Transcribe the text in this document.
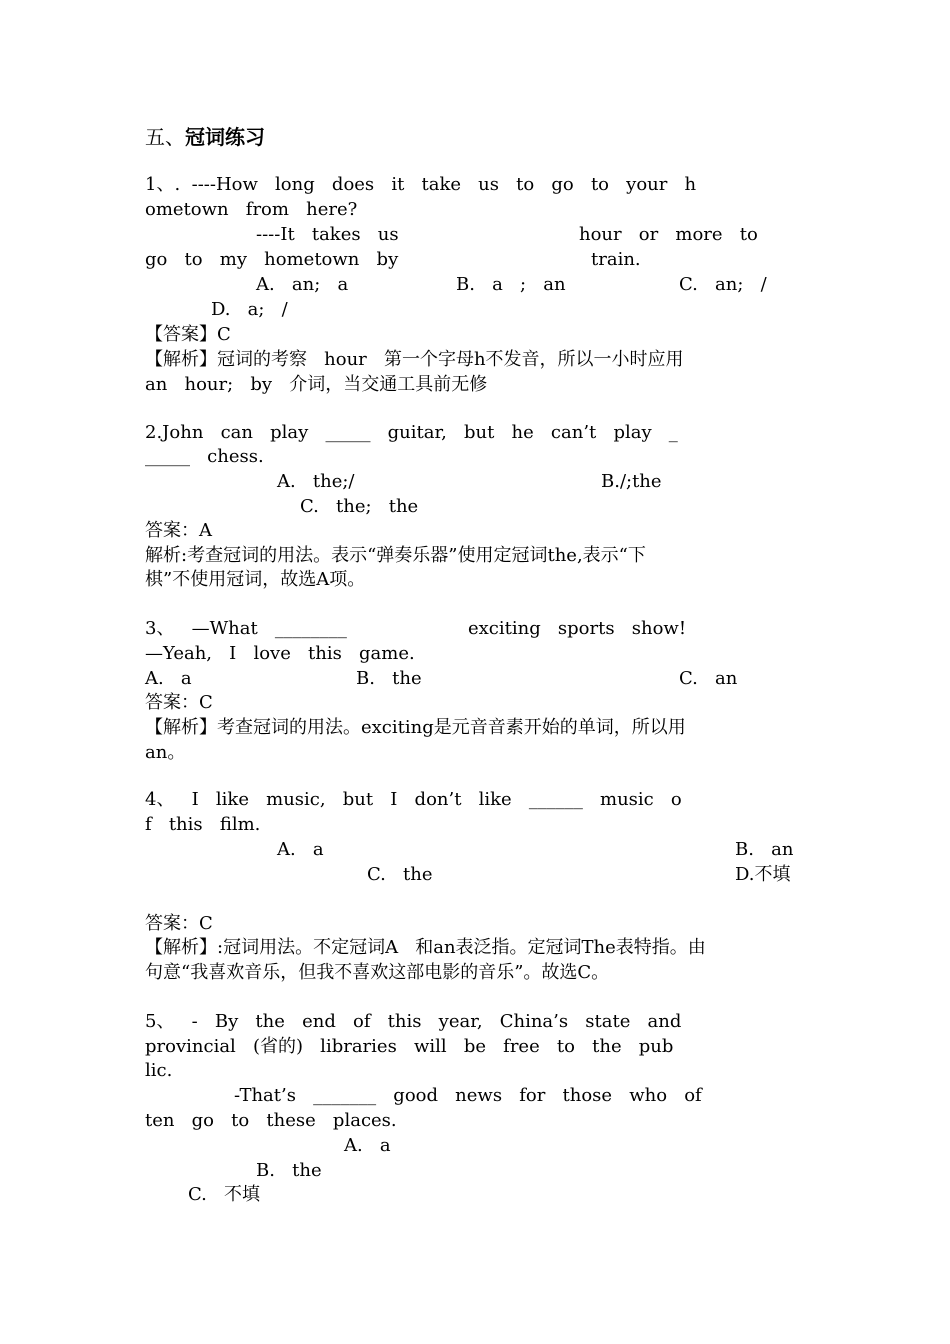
五、冠词练习
1、.  ----How   long   does   it   take   us   to   go   to   your   h
ometown   from   here?
----It   takes   us	hour   or   more   to
go   to   my   hometown   by	train.
A.   an;   a	B.   a   ;   an	C.   an;   /
D.   a;   /
【答案】C
【解析】冠词的考察   hour   第一个字母h不发音，所以一小时应用
an   hour;   by   介词，当交通工具前无修
2.John   can   play   _____   guitar,   but   he   can’t   play   _
_____   chess.
A.   the;/	B./;the
C.   the;   the
答案：A
解析:考查冠词的用法。表示“弹奏乐器”使用定冠词the,表示“下
棋”不使用冠词，故选A项。
3、   —What   ________	exciting   sports   show!
—Yeah,   I   love   this   game.
A.   a	B.   the	C.   an
答案：C
【解析】考查冠词的用法。exciting是元音音素开始的单词，所以用
an。
4、   I   like   music,   but   I   don’t   like   ______   music   o
f   this   film.
A.   a	B.   an
C.   the	D.不填
答案：C
【解析】:冠词用法。不定冠词A   和an表泛指。定冠词The表特指。由
句意“我喜欢音乐，但我不喜欢这部电影的音乐”。故选C。
5、   -   By   the   end   of   this   year,   China’s   state   and
provincial   (省的)   libraries   will   be   free   to   the   pub
lic.
-That’s   _______   good   news   for   those   who   of
ten   go   to   these   places.
A.   a
B.   the
C.   不填
